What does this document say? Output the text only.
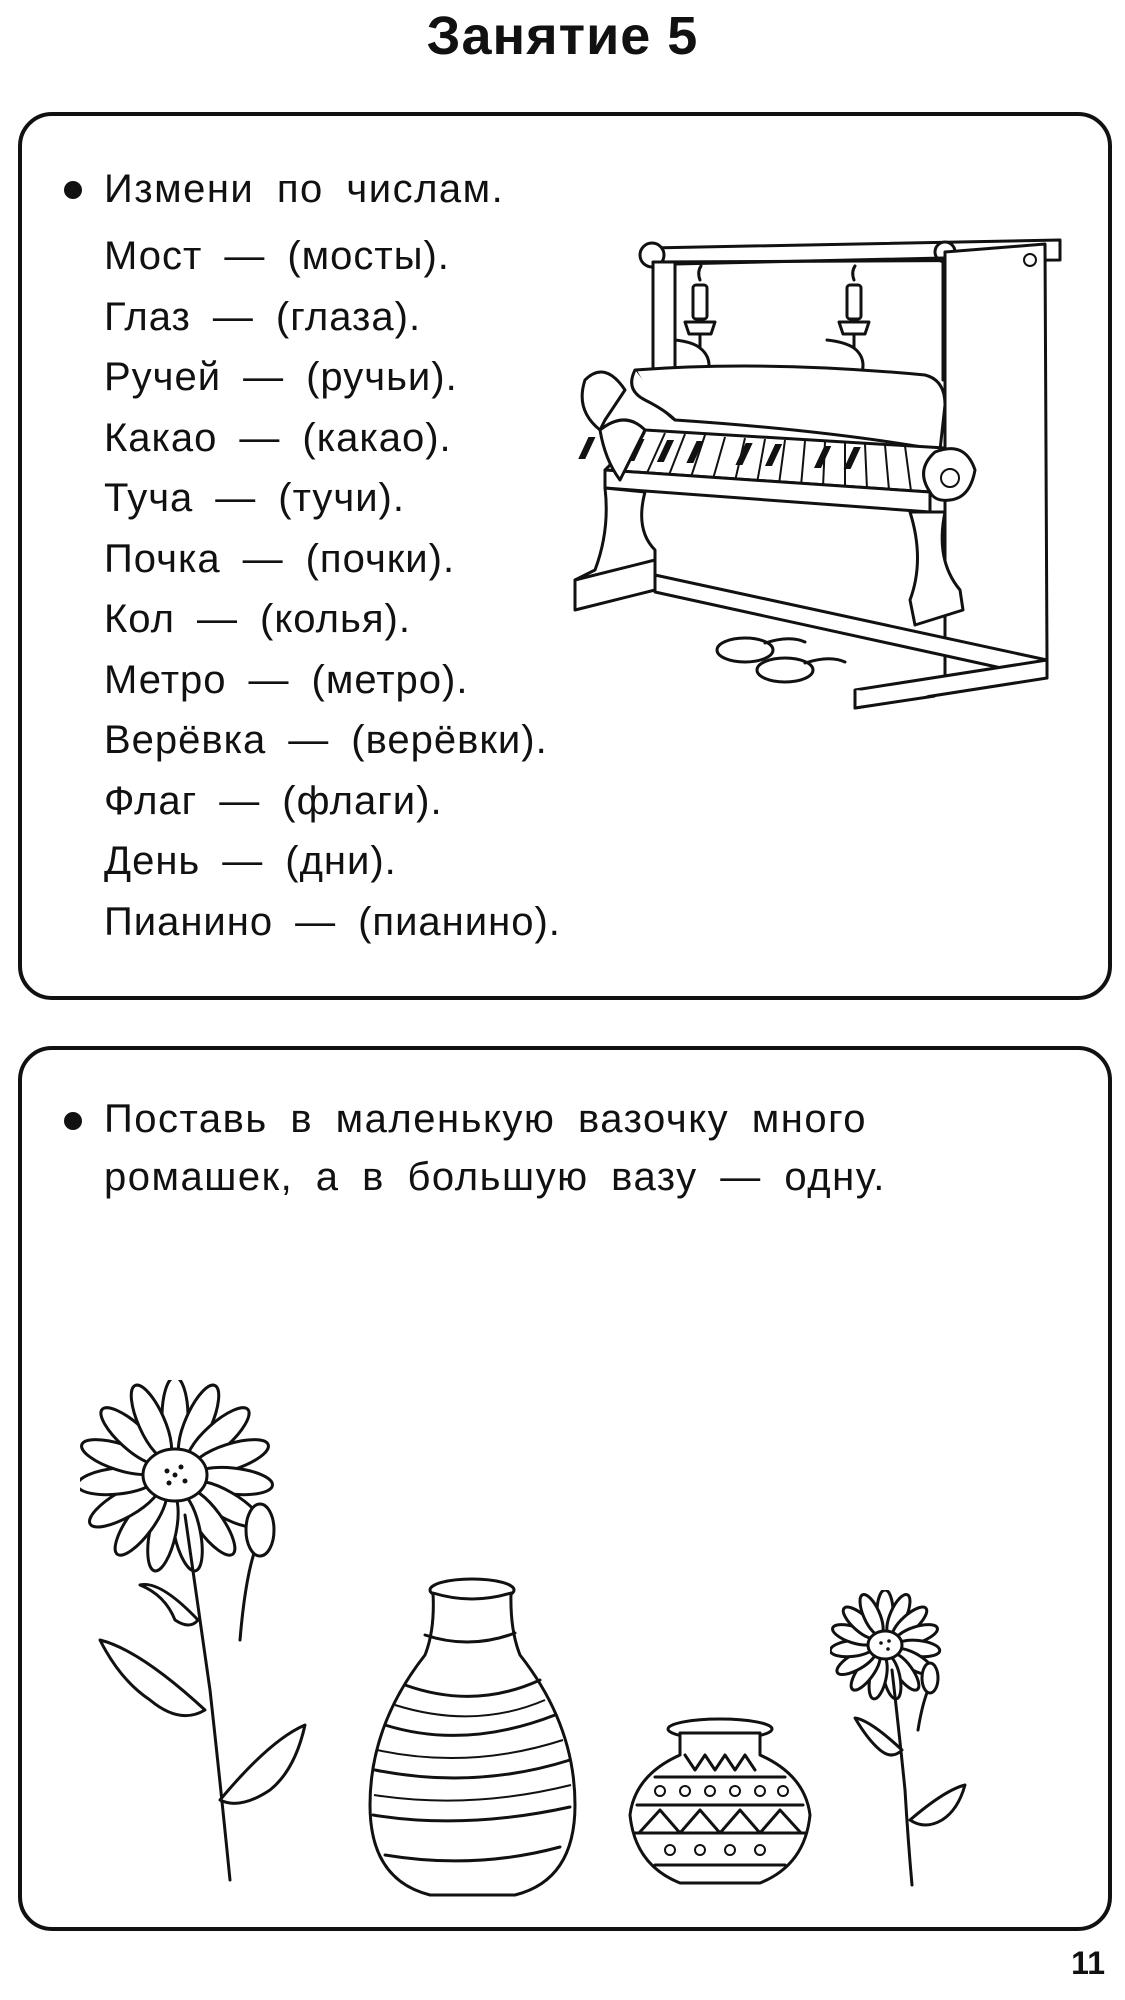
Занятие 5
Измени по числам.
Мост — (мосты).
Глаз — (глаза).
Ручей — (ручьи).
Какао — (какао).
Туча — (тучи).
Почка — (почки).
Кол — (колья).
Метро — (метро).
Верёвка — (верёвки).
Флаг — (флаги).
День — (дни).
Пианино — (пианино).
Поставь в маленькую вазочку много ромашек, а в большую вазу — одну.
11
